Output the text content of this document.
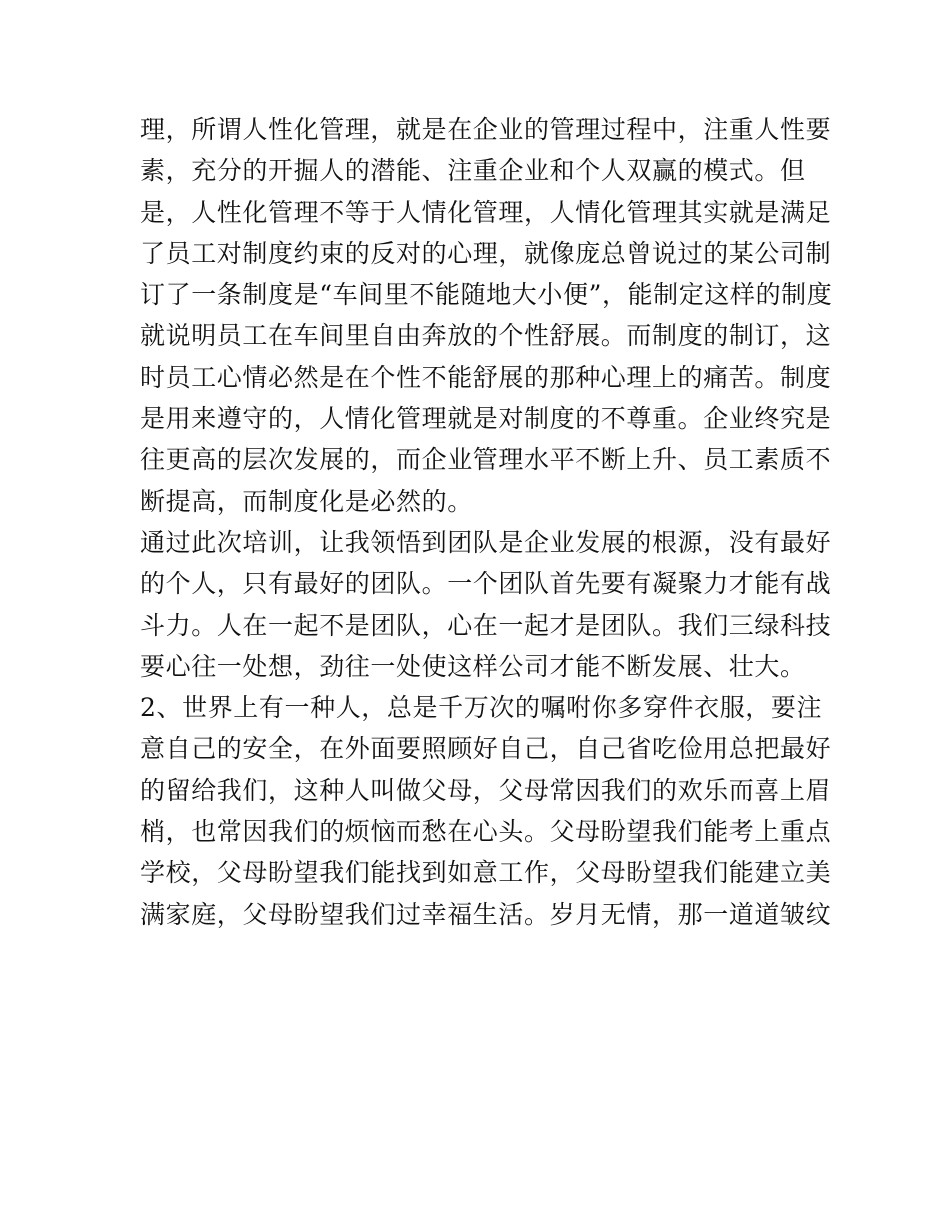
理，所谓人性化管理，就是在企业的管理过程中，注重人性要
素，充分的开掘人的潜能、注重企业和个人双赢的模式。但
是，人性化管理不等于人情化管理，人情化管理其实就是满足
了员工对制度约束的反对的心理，就像庞总曾说过的某公司制
订了一条制度是“车间里不能随地大小便”，能制定这样的制度
就说明员工在车间里自由奔放的个性舒展。而制度的制订，这
时员工心情必然是在个性不能舒展的那种心理上的痛苦。制度
是用来遵守的，人情化管理就是对制度的不尊重。企业终究是
往更高的层次发展的，而企业管理水平不断上升、员工素质不
断提高，而制度化是必然的。
通过此次培训，让我领悟到团队是企业发展的根源，没有最好
的个人，只有最好的团队。一个团队首先要有凝聚力才能有战
斗力。人在一起不是团队，心在一起才是团队。我们三绿科技
要心往一处想，劲往一处使这样公司才能不断发展、壮大。
2、世界上有一种人，总是千万次的嘱咐你多穿件衣服，要注
意自己的安全，在外面要照顾好自己，自己省吃俭用总把最好
的留给我们，这种人叫做父母，父母常因我们的欢乐而喜上眉
梢，也常因我们的烦恼而愁在心头。父母盼望我们能考上重点
学校，父母盼望我们能找到如意工作，父母盼望我们能建立美
满家庭，父母盼望我们过幸福生活。岁月无情，那一道道皱纹
